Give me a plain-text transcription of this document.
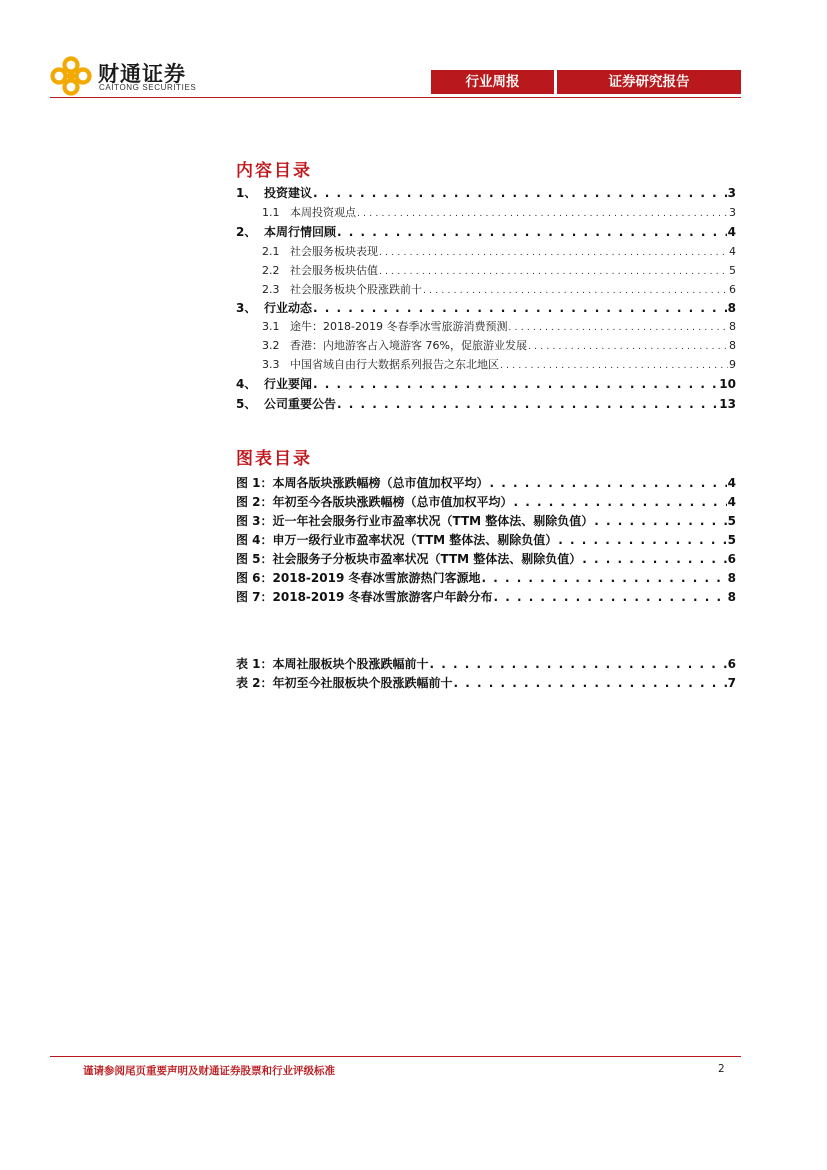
财通证券
CAITONG SECURITIES	行业周报	证券研究报告
内容目录
1、 投资建议 . . .	3
1.1 本周投资观点 . . .	3
2、 本周行情回顾 . . .	4
2.1 社会服务板块表现 . . .	4
2.2 社会服务板块估值 . . .	5
2.3 社会服务板块个股涨跌前十 . . .	6
3、 行业动态 . . .	8
3.1 途牛：2018-2019 冬春季冰雪旅游消费预测 . . .	8
3.2 香港：内地游客占入境游客 76%，促旅游业发展 . . .	8
3.3 中国省域自由行大数据系列报告之东北地区 . . .	9
4、 行业要闻 . . .	10
5、 公司重要公告 . . .	13
图表目录
图 1：本周各版块涨跌幅榜（总市值加权平均） . . .	4
图 2：年初至今各版块涨跌幅榜（总市值加权平均） . . .	4
图 3：近一年社会服务行业市盈率状况（TTM 整体法、剔除负值） . . .	5
图 4：申万一级行业市盈率状况（TTM 整体法、剔除负值） . . .	5
图 5：社会服务子分板块市盈率状况（TTM 整体法、剔除负值） . . .	6
图 6：2018-2019 冬春冰雪旅游热门客源地 . . .	8
图 7：2018-2019 冬春冰雪旅游客户年龄分布 . . .	8
表 1：本周社服板块个股涨跌幅前十 . . .	6
表 2：年初至今社服板块个股涨跌幅前十 . . .	7
谨请参阅尾页重要声明及财通证券股票和行业评级标准	2
